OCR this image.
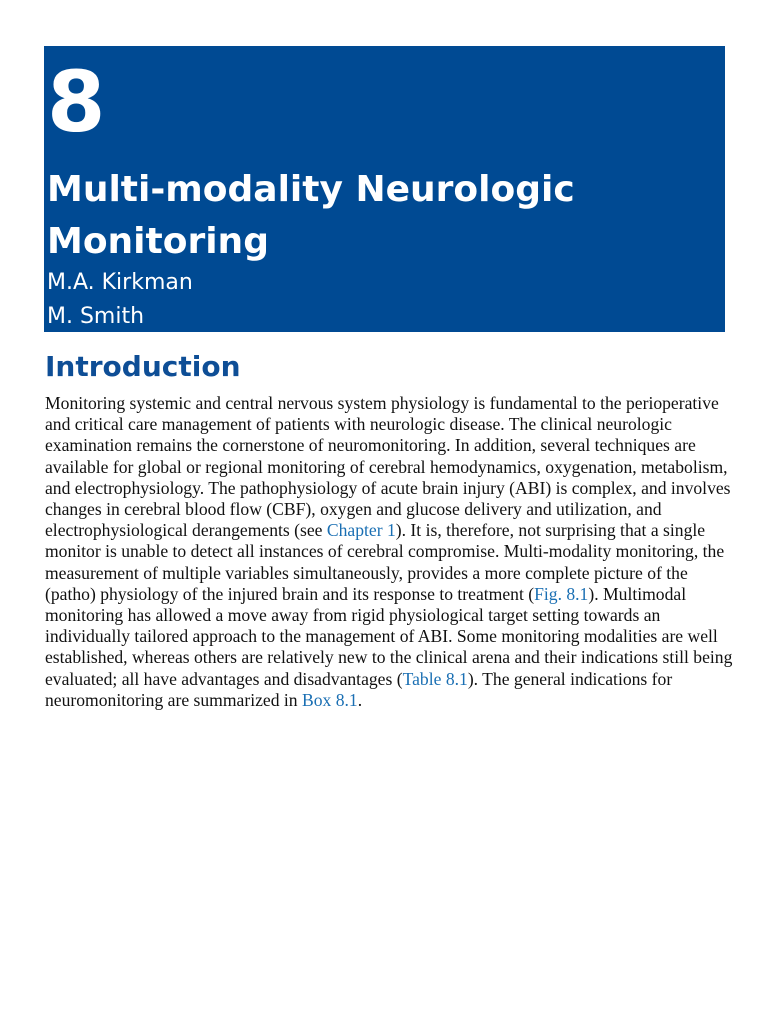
8
Multi-modality Neurologic Monitoring
M.A. Kirkman
M. Smith
Introduction

Monitoring systemic and central nervous system physiology is fundamental to the perioperative and critical care management of patients with neurologic disease. The clinical neurologic examination remains the cornerstone of neuromonitoring. In addition, several techniques are available for global or regional monitoring of cerebral hemodynamics, oxygenation, metabolism, and electrophysiology. The pathophysiology of acute brain injury (ABI) is complex, and involves changes in cerebral blood flow (CBF), oxygen and glucose delivery and utilization, and electrophysiological derangements (see Chapter 1). It is, therefore, not surprising that a single monitor is unable to detect all instances of cerebral compromise. Multi-modality monitoring, the measurement of multiple variables simultaneously, provides a more complete picture of the (patho) physiology of the injured brain and its response to treatment (Fig. 8.1). Multimodal monitoring has allowed a move away from rigid physiological target setting towards an individually tailored approach to the management of ABI. Some monitoring modalities are well established, whereas others are relatively new to the clinical arena and their indications still being evaluated; all have advantages and disadvantages (Table 8.1). The general indications for neuromonitoring are summarized in Box 8.1.
